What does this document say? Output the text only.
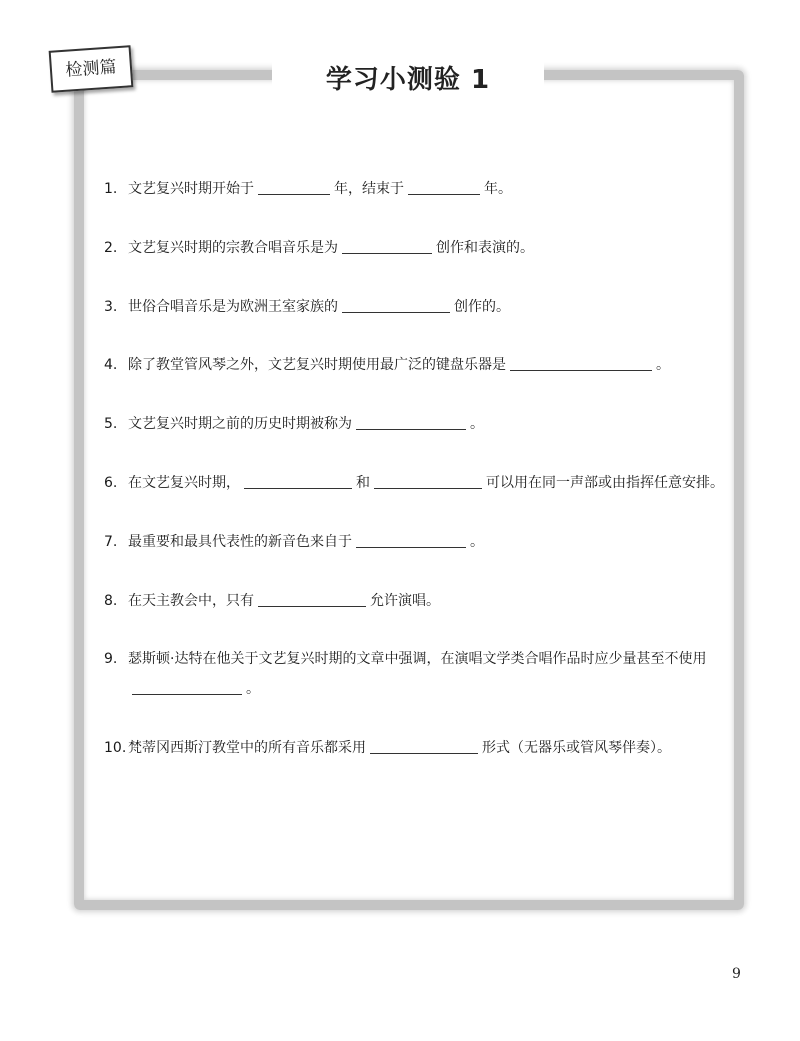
学习小测验 1
检测篇
1. 文艺复兴时期开始于	年，结束于	年。
2. 文艺复兴时期的宗教合唱音乐是为	创作和表演的。
3. 世俗合唱音乐是为欧洲王室家族的	创作的。
4. 除了教堂管风琴之外，文艺复兴时期使用最广泛的键盘乐器是	。
5. 文艺复兴时期之前的历史时期被称为	。
6. 在文艺复兴时期，	和	可以用在同一声部或由指挥任意安排。
7. 最重要和最具代表性的新音色来自于	。
8. 在天主教会中，只有	允许演唱。
9. 瑟斯顿·达特在他关于文艺复兴时期的文章中强调，在演唱文学类合唱作品时应少量甚至不使用。
10. 梵蒂冈西斯汀教堂中的所有音乐都采用	形式（无器乐或管风琴伴奏）。
9
